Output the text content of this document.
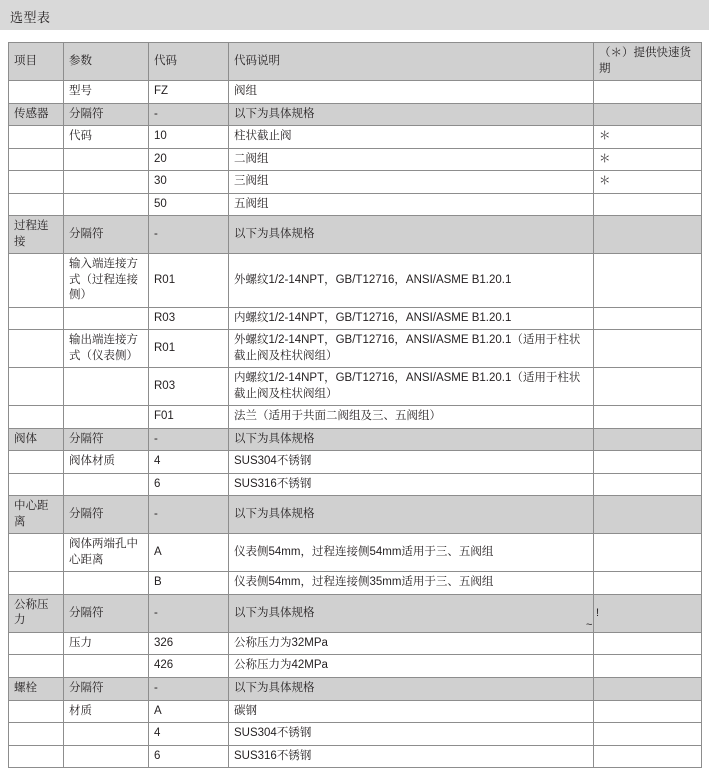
选型表
项目	参数	代码	代码说明	（＊）提供快速货期
	型号	FZ	阀组	
传感器	分隔符	-	以下为具体规格	
	代码	10	柱状截止阀	＊
		20	二阀组	＊
		30	三阀组	＊
		50	五阀组	
过程连接	分隔符	-	以下为具体规格	
	输入端连接方式（过程连接侧）	R01	外螺纹1/2-14NPT，GB/T12716，ANSI/ASME B1.20.1	
		R03	内螺纹1/2-14NPT，GB/T12716，ANSI/ASME B1.20.1	
	输出端连接方式（仪表侧）	R01	外螺纹1/2-14NPT，GB/T12716，ANSI/ASME B1.20.1（适用于柱状截止阀及柱状阀组）	
		R03	内螺纹1/2-14NPT，GB/T12716，ANSI/ASME B1.20.1（适用于柱状截止阀及柱状阀组）	
		F01	法兰（适用于共面二阀组及三、五阀组）	
阀体	分隔符	-	以下为具体规格	
	阀体材质	4	SUS304不锈钢	
		6	SUS316不锈钢	
中心距离	分隔符	-	以下为具体规格	
	阀体两端孔中心距离	A	仪表侧54mm，过程连接侧54mm适用于三、五阀组	
		B	仪表侧54mm，过程连接侧35mm适用于三、五阀组	
公称压力	分隔符	-	以下为具体规格	
	压力	326	公称压力为32MPa	
		426	公称压力为42MPa	
螺栓	分隔符	-	以下为具体规格	
	材质	A	碳钢	
		4	SUS304不锈钢	
		6	SUS316不锈钢	
!
~
